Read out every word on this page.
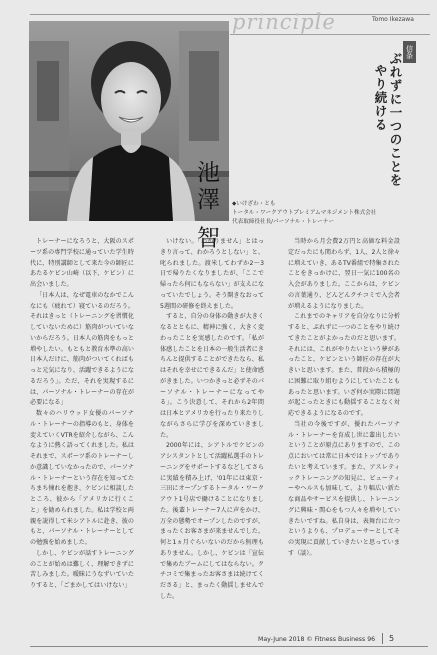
principle	Tomo Ikezawa
信条
ぶれずに一つのことを
やり続ける
池澤 智 ◆いけざわ・とも
トータル・ワークアウトプレミアムマネジメント株式会社
代表取締役社長/パーソナル・トレーナー

トレーナーになろうと、大阪のスポーツ系の専門学校に通っていた学生時代に、特別講師として来た今の師匠にあたるケビン山崎（以下、ケビン）に出会いました。

「日本人は、なぜ電車のなかでこんなにも（疲れて）寝ているのだろう。それはきっと（トレーニングを習慣化していないために）筋肉がついていないからだろう。日本人の筋肉をもっと増やしたい。もともと教育水準の高い日本人だけに、筋肉がついてくればもっと元気になり、活躍できるようになるだろう」。ただ、それを実現するには、パーソナル・トレーナーの存在が必要になる」

数々のハリウッド女優のパーソナル・トレーナーの指導のもと、身体を変えていくVTRを紹介しながら、こんなように熱く語ってくれました。私はそれまで、スポーツ系のトレーナーしか意識していなかったので、パーソナル・トレーナーという存在を知ってたちまち憧れを抱き、ケビンに相談したところ、彼から「アメリカに行くこと」を勧められました。私は学校と両親を説得して米シアトルに赴き、彼のもと、パーソナル・トレーナーとしての勉強を始めました。

しかし、ケビンが話すトレーニングのことが始めは難しく、理解できずに苦しみました。曖昧にうなずいていたりすると、「ごまかしてはいけない」

いけない。「わかりません」とはっきり言って、わかろうとしない」と、叱られました。渡米してわずか2〜3日で帰りたくなりましたが、「ここで帰ったら何にもならない」が支えになっていたでしょう。そう開きなおって5週間の研修を終えました。

すると、自分の身体の動きが大きくなるとともに、精神に強く、大きく変わったことを実感したのです。「私が体感したことを日本の一般生活者にきちんと提供することができたなら、私はそれを幸せにできるんだ」と使命感がきました。いつかきっと必ずそのパーソナル・トレーナーになってやる」。こう決意して、それから2年間は日本とアメリカを行ったり来たりしながらさらに学びを深めていきました。

2000年には、シアトルでケビンのアシスタントとして活躍私選手のトレーニングをサポートするなどしてさらに実績を積み上げ、'01年には東京・三田にオープンするトータル・ワークアウト1号店で働けることになりました。後輩トレーナー7人に声をかけ、万全の態勢でオープンしたのですが、まったくお客さまが来ませんでした。何と1ヵ月ぐらいないのだから無理もありません。しかし、ケビンは「宣伝で集めたブームにしてはならない。クチコミで集まったお客さまは続けてくださる」と、まったく動揺しませんでした。

当時から月会費2万円と高価な料金設定だったにも関わらず、1人、2人と徐々に増えていき、あるTV番組で特集されたことをきっかけに、翌日一気に100名の入会がありました。ここからは、ケビンの言葉通り、どんどんクチコミで入会者が増えるようになりました。

これまでのキャリアを自分なりに分析すると、ぶれずに一つのことをやり続けてきたことがよかったのだと思います。それには、これがやりたいという夢があったこと、ケビンという師匠の存在が大きいと思います。また、普段から積極的に困難に取り組むようにしていたこともあったと思います。いざ何か実際に問題が起こったときにも動揺することなく対応できるようになるのです。

当社の今後ですが、優れたパーソナル・トレーナーを育成し世に輩出したいということが原点にありますので、この点においては常に日本ではトップでありたいと考えています。また、アスレティックトレーニングの知見に、ビューティーやヘルスも加味して、より幅広い新たな商品やサービスを提供し、トレーニングに興味・関心をもつ人々を増やしていきたいですね。私自身は、表舞台に立つというよりも、プロデューサーとしてその実現に貢献していきたいと思っています（談）。

May-June 2018 © Fitness Business 96 5
